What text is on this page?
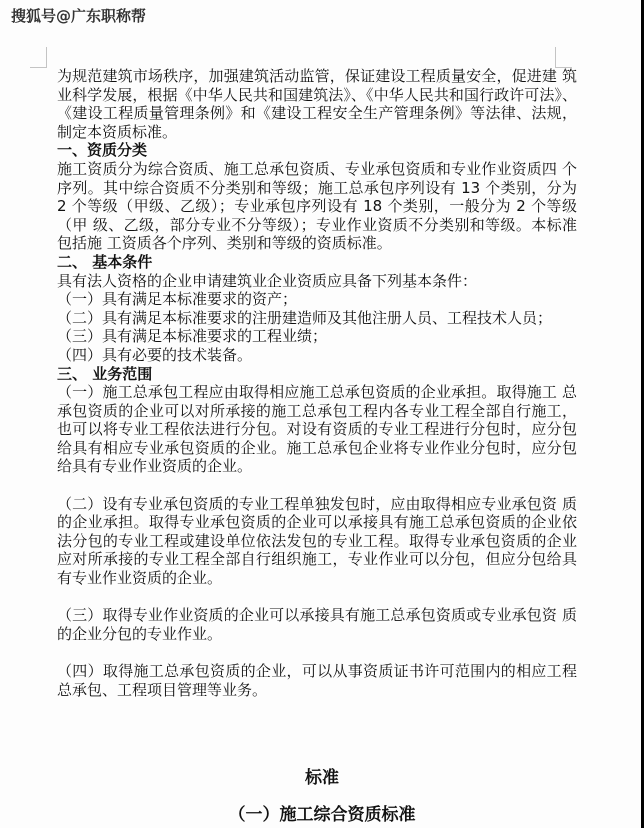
搜狐号@广东职称帮

为规范建筑市场秩序，加强建筑活动监管，保证建设工程质量安全，促进建 筑业科学发展，根据《中华人民共和国建筑法》、《中华人民共和国行政许可法》、《建设工程质量管理条例》和《建设工程安全生产管理条例》等法律、法规，制定本资质标准。

一、资质分类

施工资质分为综合资质、施工总承包资质、专业承包资质和专业作业资质四 个序列。其中综合资质不分类别和等级；施工总承包序列设有 13 个类别，分为 2 个等级（甲级、乙级）；专业承包序列设有 18 个类别，一般分为 2 个等级（甲 级、乙级，部分专业不分等级）；专业作业资质不分类别和等级。本标准包括施 工资质各个序列、类别和等级的资质标准。

二、 基本条件

具有法人资格的企业申请建筑业企业资质应具备下列基本条件：

（一）具有满足本标准要求的资产；

（二）具有满足本标准要求的注册建造师及其他注册人员、工程技术人员；

（三）具有满足本标准要求的工程业绩；

（四）具有必要的技术装备。

三、 业务范围

（一）施工总承包工程应由取得相应施工总承包资质的企业承担。取得施工 总承包资质的企业可以对所承接的施工总承包工程内各专业工程全部自行施工，也可以将专业工程依法进行分包。对设有资质的专业工程进行分包时，应分包给具有相应专业承包资质的企业。施工总承包企业将专业作业分包时，应分包给具有专业作业资质的企业。

（二）设有专业承包资质的专业工程单独发包时，应由取得相应专业承包资 质的企业承担。取得专业承包资质的企业可以承接具有施工总承包资质的企业依法分包的专业工程或建设单位依法发包的专业工程。取得专业承包资质的企业应对所承接的专业工程全部自行组织施工，专业作业可以分包，但应分包给具有专业作业资质的企业。

（三）取得专业作业资质的企业可以承接具有施工总承包资质或专业承包资 质的企业分包的专业作业。

（四）取得施工总承包资质的企业，可以从事资质证书许可范围内的相应工程总承包、工程项目管理等业务。

标准
（一）施工综合资质标准
